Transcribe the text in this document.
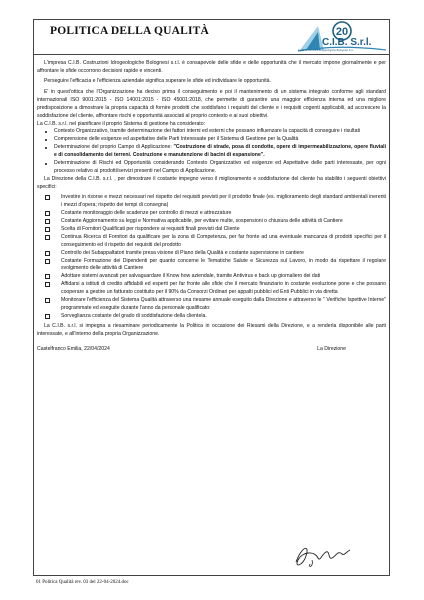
POLITICA DELLA QUALITÀ	20
C.I.B. S.r.l.
C.I.B. Costruzioni Idrogeologiche Bolognesi S.r.l.

L'impresa C.I.B. Costruzioni Idrogeologiche Bolognesi s.r.l. è consapevole delle sfide e delle opportunità che il mercato impone giornalmente e per affrontare le sfide occorrono decisioni rapide e vincenti.

Perseguire l'efficacia e l'efficienza aziendale significa superare le sfide ed individuare le opportunità.

E' in quest'ottica che l'Organizzazione ha deciso prima il conseguimento e poi il mantenimento di un sistema integrato conforme agli standard internazionali ISO 9001:2015 - ISO 14001:2015 - ISO 45001:2018, che permette di garantire una maggior efficienza interna ed una migliore predisposizione a dimostrare la propria capacità di fornire prodotti che soddisfano i requisiti del cliente e i requisiti cogenti applicabili, ad accrescere la soddisfazione del cliente, affrontare rischi e opportunità associati al proprio contesto e ai suoi obiettivi.

La C.I.B. s.r.l. nel pianificare il proprio Sistema di gestione ha considerato:

Contesto Organizzativo, tramite determinazione dei fattori interni ed esterni che possano influenzare la capacità di conseguire i risultati
Comprensione delle esigenze ed aspettative delle Parti Interessate per il Sistema di Gestione per la Qualità
Determinazione del proprio Campo di Applicazione: "Costruzione di strade, posa di condotte, opere di impermeabilizzazione, opere fluviali e di consolidamento dei terreni. Costruzione e manutenzione di bacini di espansione".
Determinazione di Rischi ed Opportunità considerando Contesto Organizzativo ed esigenze ed Aspettative delle parti interessate, per ogni processo relativo ai prodotti/servizi presenti nel Campo di Applicazione.

La Direzione della C.I.B. s.r.l. , per dimostrare il costante impegno verso il miglioramento e soddisfazione del cliente ha stabilito i seguenti obiettivi specifici:

Investire in risorse e mezzi necessari nel rispetto dei requisiti previsti per il prodotto finale (es. miglioramento degli standard ambientali inerenti i mezzi d'opera; rispetto dei tempi di consegna)
Costante monitoraggio delle scadenze per controllo di mezzi e attrezzature
Costante Aggiornamento su leggi e Normativa applicabile, per evitare multe, sospensioni o chiusura delle attività di Cantiere
Scelta di Fornitori Qualificati per rispondere ai requisiti finali previsti dal Cliente
Continua Ricerca di Fornitori da qualificare per la zona di Competenza, per far fronte ad una eventuale mancanza di prodotti specifici per il conseguimento ed il rispetto dei requisiti del prodotto
Controllo dei Subappaltatori tramite presa visione di Piano della Qualità e costante supervisione in cantiere
Costante Formazione dei Dipendenti per quanto concerne le Tematiche Salute e Sicurezza sul Lavoro, in modo da rispettare il regolare svolgimento delle attività di Cantiere
Adottare sistemi avanzati per salvaguardare il Know how aziendale, tramite Antivirus e back up giornaliero dei dati
Affidarsi a istituti di credito affidabili ed esperti per far fronte alle sfide che il mercato finanziario in costante evoluzione pone e che possano cooperare a gestire un fatturato costituito per il 90% da Consorzi Ordinari per appalti pubblici ed Enti Pubblici in via diretta
Monitorare l'efficienza del Sistema Qualità attraverso una riesame annuale eseguito dalla Direzione e attraverso le " Verifiche Ispettive Interne" programmate ed eseguite durante l'anno da personale qualificato:
Sorveglianza costante del grado di soddisfazione della clientela.

La C.I.B. s.r.l. si impegna a riesaminare periodicamente la Politica in occasione dei Riesami della Direzione, e a renderla disponibile alle parti interessate, e all'interno della propria Organizzazione.

Castelfranco Emilia, 22/04/2024	La Direzione
01 Politica Qualità rev. 03 del 22-04-2024.doc
